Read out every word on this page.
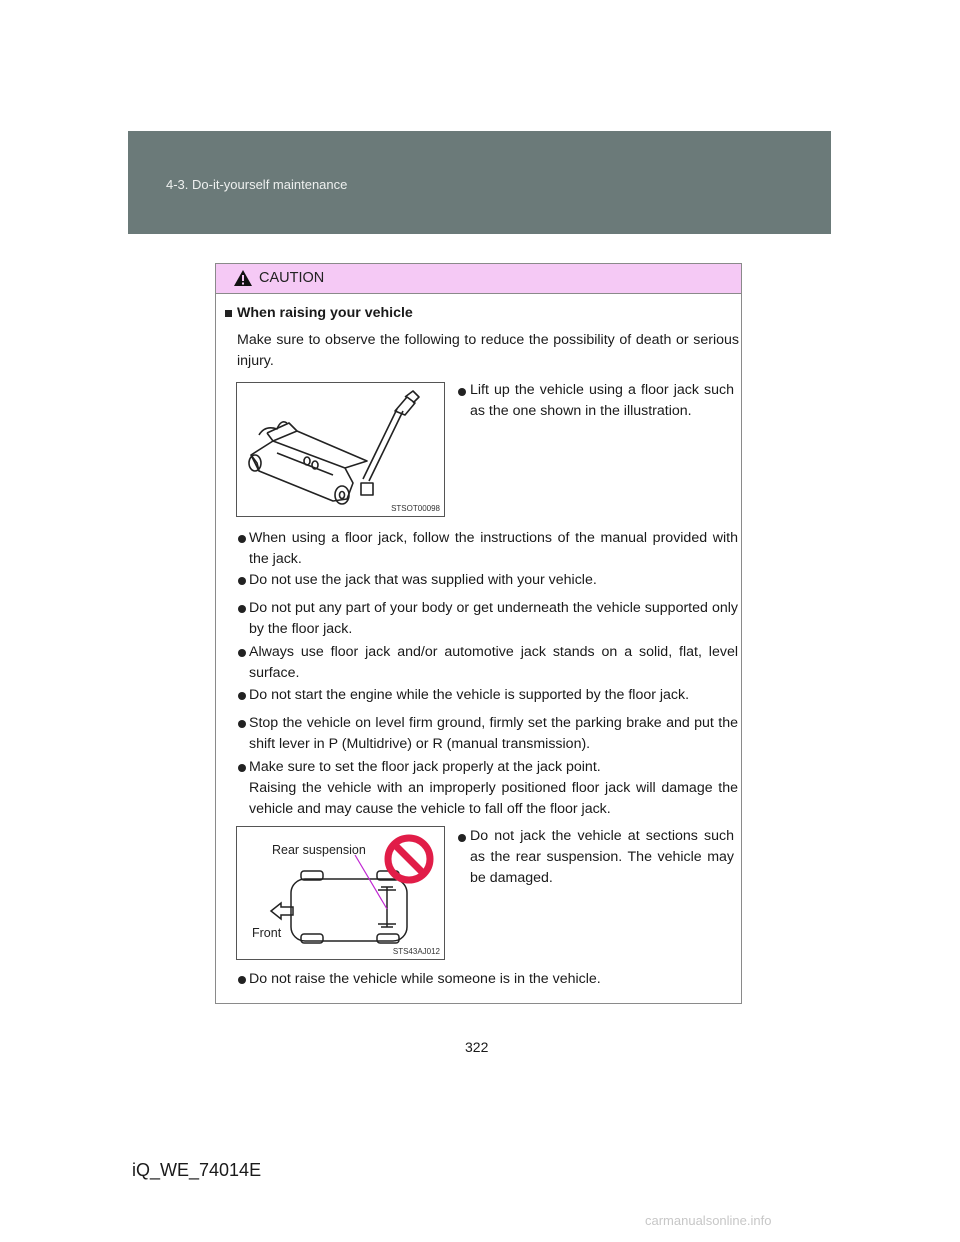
4-3. Do-it-yourself maintenance
CAUTION
When raising your vehicle
Make sure to observe the following to reduce the possibility of death or serious injury.
STSOT00098
Lift up the vehicle using a floor jack such as the one shown in the illustration.
When using a floor jack, follow the instructions of the manual provided with the jack.
Do not use the jack that was supplied with your vehicle.
Do not put any part of your body or get underneath the vehicle supported only by the floor jack.
Always use floor jack and/or automotive jack stands on a solid, flat, level surface.
Do not start the engine while the vehicle is supported by the floor jack.
Stop the vehicle on level firm ground, firmly set the parking brake and put the shift lever in P (Multidrive) or R (manual transmission).
Make sure to set the floor jack properly at the jack point.
Raising the vehicle with an improperly positioned floor jack will damage the vehicle and may cause the vehicle to fall off the floor jack.
Rear suspension
Front
STS43AJ012
Do not jack the vehicle at sections such as the rear suspension. The vehicle may be damaged.
Do not raise the vehicle while someone is in the vehicle.
322
iQ_WE_74014E
carmanualsonline.info
